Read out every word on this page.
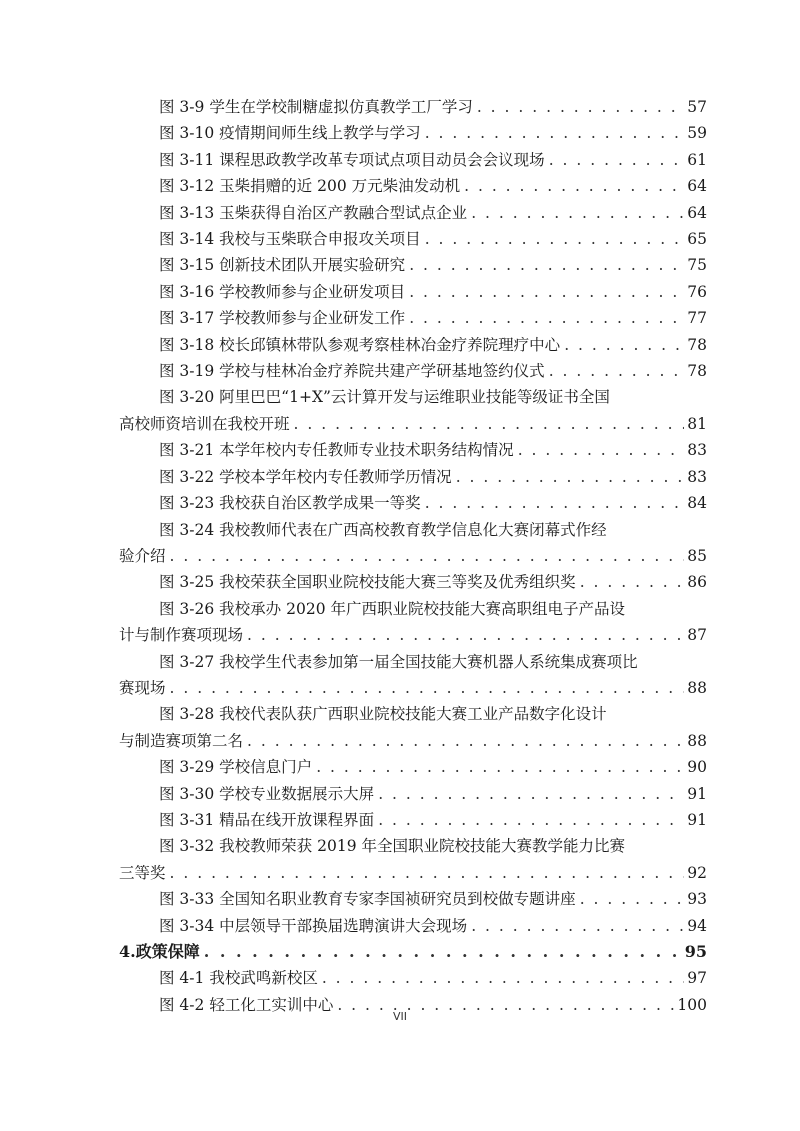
图 3-9 学生在学校制糖虚拟仿真教学工厂学习 . . .	57
图 3-10 疫情期间师生线上教学与学习 . . .	59
图 3-11 课程思政教学改革专项试点项目动员会会议现场 . . .	61
图 3-12 玉柴捐赠的近 200 万元柴油发动机 . . .	64
图 3-13 玉柴获得自治区产教融合型试点企业 . . .	64
图 3-14 我校与玉柴联合申报攻关项目 . . .	65
图 3-15 创新技术团队开展实验研究 . . .	75
图 3-16 学校教师参与企业研发项目 . . .	76
图 3-17 学校教师参与企业研发工作 . . .	77
图 3-18 校长邱镇林带队参观考察桂林冶金疗养院理疗中心 . . .	78
图 3-19 学校与桂林冶金疗养院共建产学研基地签约仪式 . . .	78
图 3-20 阿里巴巴“1+X”云计算开发与运维职业技能等级证书全国
高校师资培训在我校开班 . . .	81
图 3-21 本学年校内专任教师专业技术职务结构情况 . . .	83
图 3-22 学校本学年校内专任教师学历情况 . . .	83
图 3-23 我校获自治区教学成果一等奖 . . .	84
图 3-24 我校教师代表在广西高校教育教学信息化大赛闭幕式作经
验介绍 . . .	85
图 3-25 我校荣获全国职业院校技能大赛三等奖及优秀组织奖 . . .	86
图 3-26 我校承办 2020 年广西职业院校技能大赛高职组电子产品设
计与制作赛项现场 . . .	87
图 3-27 我校学生代表参加第一届全国技能大赛机器人系统集成赛项比
赛现场 . . .	88
图 3-28 我校代表队获广西职业院校技能大赛工业产品数字化设计
与制造赛项第二名 . . .	88
图 3-29 学校信息门户 . . .	90
图 3-30 学校专业数据展示大屏 . . .	91
图 3-31 精品在线开放课程界面 . . .	91
图 3-32 我校教师荣获 2019 年全国职业院校技能大赛教学能力比赛
三等奖 . . .	92
图 3-33 全国知名职业教育专家李国祯研究员到校做专题讲座 . . .	93
图 3-34 中层领导干部换届选聘演讲大会现场 . . .	94
4.政策保障 . . .	95
图 4-1 我校武鸣新校区 . . .	97
图 4-2 轻工化工实训中心 . . .	100
VII
